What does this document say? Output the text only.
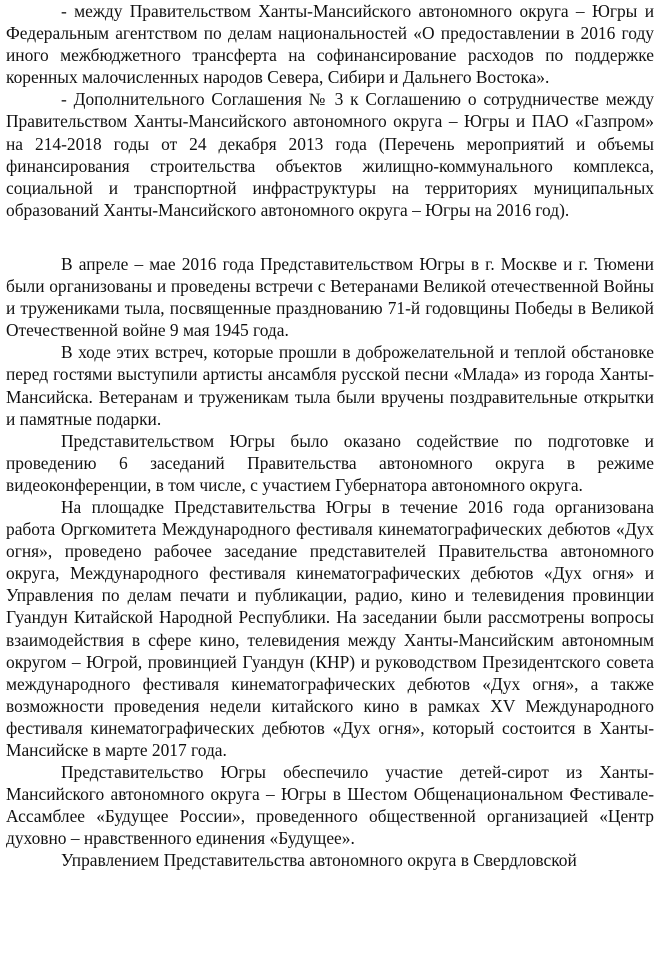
- между Правительством Ханты-Мансийского автономного округа – Югры и Федеральным агентством по делам национальностей «О предоставлении в 2016 году иного межбюджетного трансферта на софинансирование расходов по поддержке коренных малочисленных народов Севера, Сибири и Дальнего Востока».

- Дополнительного Соглашения № 3 к Соглашению о сотрудничестве между Правительством Ханты-Мансийского автономного округа – Югры и ПАО «Газпром» на 214-2018 годы от 24 декабря 2013 года (Перечень мероприятий и объемы финансирования строительства объектов жилищно-коммунального комплекса, социальной и транспортной инфраструктуры на территориях муниципальных образований Ханты-Мансийского автономного округа – Югры на 2016 год).

В апреле – мае 2016 года Представительством Югры в г. Москве и г. Тюмени были организованы и проведены встречи с Ветеранами Великой отечественной Войны и тружениками тыла, посвященные празднованию 71-й годовщины Победы в Великой Отечественной войне 9 мая 1945 года.

В ходе этих встреч, которые прошли в доброжелательной и теплой обстановке перед гостями выступили артисты ансамбля русской песни «Млада» из города Ханты-Мансийска. Ветеранам и труженикам тыла были вручены поздравительные открытки и памятные подарки.

Представительством Югры было оказано содействие по подготовке и проведению 6 заседаний Правительства автономного округа в режиме видеоконференции, в том числе, с участием Губернатора автономного округа.

На площадке Представительства Югры в течение 2016 года организована работа Оргкомитета Международного фестиваля кинематографических дебютов «Дух огня», проведено рабочее заседание представителей Правительства автономного округа, Международного фестиваля кинематографических дебютов «Дух огня» и Управления по делам печати и публикации, радио, кино и телевидения провинции Гуандун Китайской Народной Республики. На заседании были рассмотрены вопросы взаимодействия в сфере кино, телевидения между Ханты-Мансийским автономным округом – Югрой, провинцией Гуандун (КНР) и руководством Президентского совета международного фестиваля кинематографических дебютов «Дух огня», а также возможности проведения недели китайского кино в рамках XV Международного фестиваля кинематографических дебютов «Дух огня», который состоится в Ханты-Мансийске в марте 2017 года.

Представительство Югры обеспечило участие детей-сирот из Ханты-Мансийского автономного округа – Югры в Шестом Общенациональном Фестивале-Ассамблее «Будущее России», проведенного общественной организацией «Центр духовно – нравственного единения «Будущее».

Управлением Представительства автономного округа в Свердловской
